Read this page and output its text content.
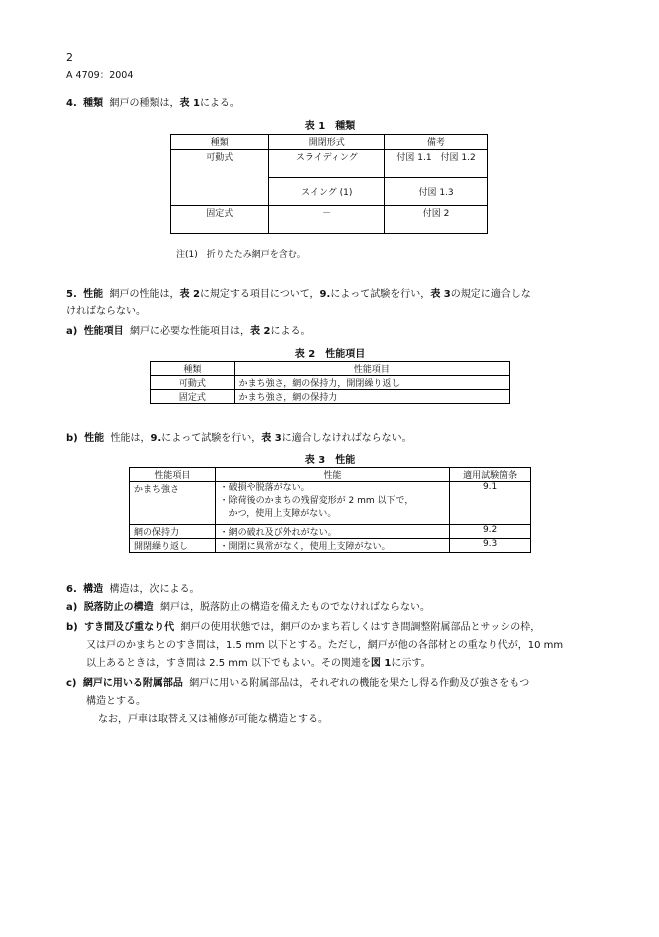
2
A 4709：2004

4. 種類 網戸の種類は，表 1による。

表 1　種類
種類	開閉形式	備考
可動式	スライディング	付図 1.1　付図 1.2
	スイング (1)	付図 1.3
固定式	－	付図 2
注(1)　折りたたみ網戸を含む。

5. 性能 網戸の性能は，表 2に規定する項目について，9.によって試験を行い，表 3の規定に適合しな

ければならない。

a) 性能項目 網戸に必要な性能項目は，表 2による。

表 2　性能項目
種類	性能項目
可動式	かまち強さ，網の保持力，開閉繰り返し
固定式	かまち強さ，網の保持力

b) 性能 性能は，9.によって試験を行い，表 3に適合しなければならない。

表 3　性能
性能項目	性能	適用試験箇条
かまち強さ	・破損や脱落がない。
・除荷後のかまちの残留変形が 2 mm 以下で，
かつ，使用上支障がない。	9.1
網の保持力	・網の破れ及び外れがない。	9.2
開閉繰り返し	・開閉に異常がなく，使用上支障がない。	9.3

6. 構造 構造は，次による。

a) 脱落防止の構造 網戸は，脱落防止の構造を備えたものでなければならない。

b) すき間及び重なり代 網戸の使用状態では，網戸のかまち若しくはすき間調整附属部品とサッシの枠，

又は戸のかまちとのすき間は，1.5 mm 以下とする。ただし，網戸が他の各部材との重なり代が，10 mm

以上あるときは，すき間は 2.5 mm 以下でもよい。その関連を図 1に示す。

c) 網戸に用いる附属部品 網戸に用いる附属部品は，それぞれの機能を果たし得る作動及び強さをもつ

構造とする。

なお，戸車は取替え又は補修が可能な構造とする。
